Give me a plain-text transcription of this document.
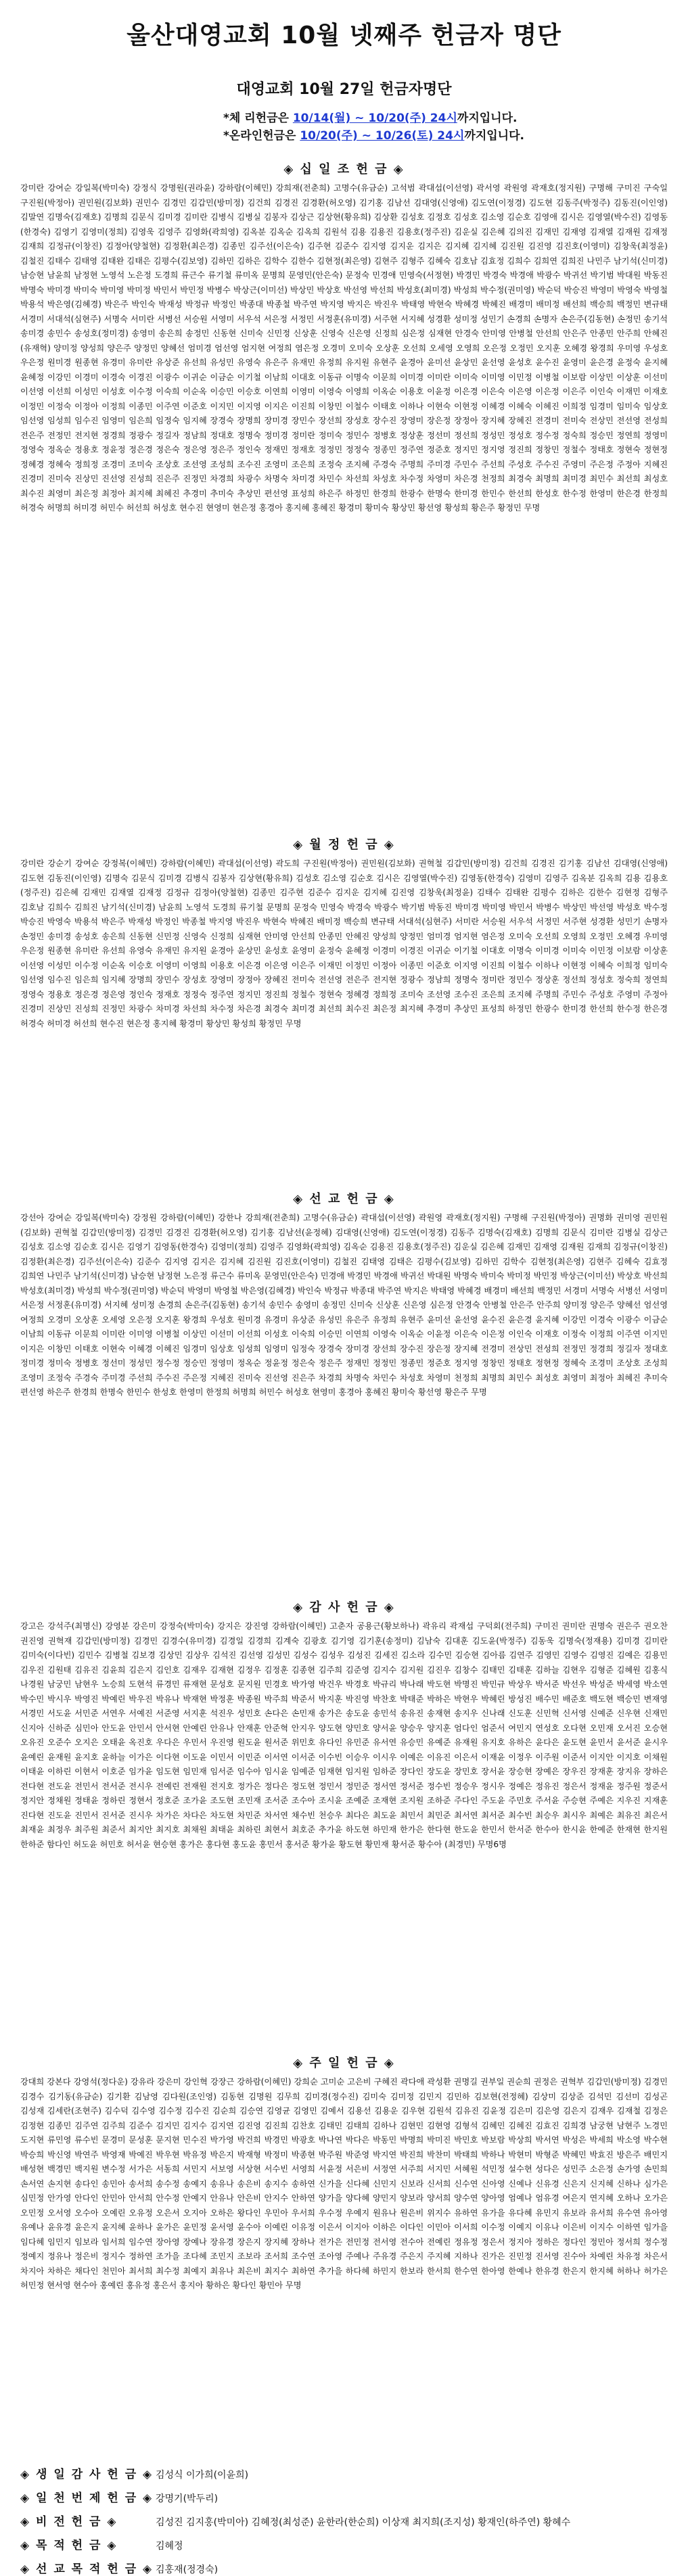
울산대영교회 10월 넷째주 헌금자 명단
대영교회 10월 27일 헌금자명단
*체 리헌금은 10/14(월) ~ 10/20(주) 24시까지입니다.
*온라인헌금은 10/20(주) ~ 10/26(토) 24시까지입니다.
◈ 십 일 조 헌 금 ◈
강미란 강여순 강일복(박미숙) 강정식 강명원(권라윤) 강하람(이혜민) 강희재(전춘희) 고명수(유금순) 고석범 곽대섭(이선영) 곽서영 곽원영 곽재호(정지원) 구명해 구미진 구숙일 구진원(박정아) 권민원(김보화) 권민수 김경민 김갑민(방미정) 김건희 김경진 김경환(허오영) 김기홍 김남선 김대영(신영애) 김도연(이정경) 김도현 김동주(박정주) 김동진(이인영) 김말연 김명숙(김재호) 김명희 김문식 김미경 김미란 김병식 김병실 김봉자 김상근 김상현(황유희) 김상환 김성호 김정호 김성호 김소영 김순호 김영애 김시은 김영열(박수진) 김영동(한경숙) 김영기 김영미(정희) 김영욱 김영주 김영화(곽희영) 김옥분 김옥순 김옥희 김원석 김용 김용진 김용호(정주진) 김운실 김은혜 김의진 김재민 김재영 김재열 김재원 김재정 김재희 김정규(이창진) 김정아(양철현) 김정환(최은경) 김종민 김주선(이은숙) 김주현 김준수 김지영 김지운 김지은 김지혜 김지혜 김진원 김진영 김진호(이영미) 김창욱(최정윤) 김철진 김태수 김태영 김태완 김태은 김평수(김보영) 김하민 김하은 김학수 김한수 김현정(최은영) 김현주 김형주 김혜숙 김호남 김효정 김희수 김희연 김희진 나민주 남기석(신미경) 남승현 남윤희 남정현 노영석 노은정 도경희 류근수 류기철 류미옥 문명희 문영민(안은숙) 문정숙 민경애 민영숙(서정현) 박경민 박경숙 박경애 박광수 박귀선 박기범 박대원 박동진 박명숙 박미경 박미숙 박미영 박미정 박민서 박민정 박병수 박상근(이미선) 박상민 박상호 박선영 박선희 박성호(최미경) 박성희 박수정(권미영) 박순덕 박승진 박영미 박영숙 박영철 박용석 박은영(김혜경) 박은주 박인숙 박재성 박정규 박정인 박종대 박종철 박주연 박지영 박지은 박진우 박태영 박현숙 박혜경 박혜진 배경미 배미정 배선희 백승희 백정민 변규태 서경미 서대석(심현주) 서명숙 서미란 서병선 서승원 서영미 서우석 서은정 서정민 서정훈(유미경) 서주현 서지혜 성경환 성미정 성민기 손경희 손명자 손은주(김동현) 손정민 송기석 송미경 송민수 송성호(정미경) 송영미 송은희 송정민 신동현 신미숙 신민정 신상훈 신영숙 신은영 신정희 심은정 심재현 안경숙 안미영 안병철 안선희 안은주 안종민 안주희 안혜진(유재혁) 양미정 양성희 양은주 양정민 양혜선 엄미경 엄선영 엄지현 여정희 염은정 오경미 오미숙 오상훈 오선희 오세영 오영희 오은정 오정민 오지훈 오혜경 왕경희 우미영 우성호 우은정 원미경 원종현 유경미 유미란 유상준 유선희 유성민 유영숙 유은주 유재민 유정희 유지원 유현주 윤경아 윤미선 윤상민 윤선영 윤성호 윤수진 윤영미 윤은경 윤정숙 윤지혜 윤혜정 이강민 이경미 이경숙 이경진 이광수 이귀순 이금순 이기철 이남희 이대호 이동규 이명숙 이문희 이미경 이미란 이미숙 이미영 이민정 이병철 이보람 이상민 이상훈 이선미 이선영 이선희 이성민 이성호 이수정 이숙희 이순옥 이승민 이승호 이연희 이영미 이영숙 이영희 이옥순 이용호 이윤정 이은경 이은숙 이은영 이은정 이은주 이인숙 이재민 이재호 이정민 이정숙 이정아 이정희 이종민 이주연 이준호 이지민 이지영 이지은 이진희 이창민 이철수 이태호 이하나 이현숙 이현정 이혜경 이혜숙 이혜진 이희정 임경미 임미숙 임상호 임선영 임성희 임수진 임영미 임은희 임정숙 임지혜 장경숙 장명희 장미경 장민수 장선희 장성호 장수진 장영미 장은정 장정아 장지혜 장혜진 전경미 전미숙 전상민 전선영 전성희 전은주 전정민 전지현 정경희 정광수 정길자 정남희 정대호 정명숙 정미경 정미란 정미숙 정민수 정병호 정상훈 정선미 정선희 정성민 정성호 정수정 정숙희 정승민 정연희 정영미 정영숙 정옥순 정용호 정윤정 정은경 정은숙 정은영 정은주 정인숙 정재민 정재호 정정민 정정숙 정종민 정주연 정준호 정지민 정지영 정진희 정창민 정철수 정태호 정현숙 정현정 정혜경 정혜숙 정희정 조경미 조미숙 조상호 조선영 조성희 조수진 조영미 조은희 조정숙 조지혜 주경숙 주명희 주미경 주민수 주선희 주성호 주수진 주영미 주은정 주정아 지혜진 진경미 진미숙 진상민 진선영 진성희 진은주 진정민 차경희 차광수 차명숙 차미경 차민수 차선희 차성호 차수정 차영미 차은경 천정희 최경숙 최명희 최미경 최민수 최선희 최성호 최수진 최영미 최은정 최정아 최지혜 최혜진 추경미 추미숙 추상민 편선영 표성희 하은주 하정민 한경희 한광수 한명숙 한미경 한민수 한선희 한성호 한수정 한영미 한은경 한정희 허경숙 허명희 허미경 허민수 허선희 허성호 현수진 현영미 현은정 홍경아 홍지혜 홍혜진 황경미 황미숙 황상민 황선영 황성희 황은주 황정민 무명
◈ 월 정 헌 금 ◈
강미란 강순기 강여순 강정복(이혜민) 강하람(이혜민) 곽대섭(이선영) 곽도희 구진원(박정아) 권민원(김보화) 권혁철 김갑민(방미정) 김건희 김경진 김기홍 김남선 김대영(신영애) 김도현 김동진(이인영) 김명숙 김문식 김미경 김병식 김봉자 김상현(황유희) 김성호 김소영 김순호 김시은 김영열(박수진) 김영동(한경숙) 김영미 김영주 김옥분 김옥희 김용 김용호(정주진) 김은혜 김재민 김재열 김재정 김정규 김정아(양철현) 김종민 김주현 김준수 김지운 김지혜 김진영 김창욱(최정윤) 김태수 김태완 김평수 김하은 김한수 김현정 김형주 김호남 김희수 김희진 남기석(신미경) 남윤희 노영석 도경희 류기철 문명희 문정숙 민영숙 박경숙 박광수 박기범 박동진 박미경 박미영 박민서 박병수 박상민 박선영 박성호 박수정 박승진 박영숙 박용석 박은주 박재성 박정인 박종철 박지영 박진우 박현숙 박혜진 배미정 백승희 변규태 서대석(심현주) 서미란 서승원 서우석 서정민 서주현 성경환 성민기 손명자 손정민 송미경 송성호 송은희 신동현 신민정 신영숙 신정희 심재현 안미영 안선희 안종민 안혜진 양성희 양정민 엄미경 엄지현 염은정 오미숙 오선희 오영희 오정민 오혜경 우미영 우은정 원종현 유미란 유선희 유영숙 유재민 유지원 윤경아 윤상민 윤성호 윤영미 윤정숙 윤혜정 이경미 이경진 이귀순 이기철 이대호 이명숙 이미경 이미숙 이민정 이보람 이상훈 이선영 이성민 이수정 이순옥 이승호 이영미 이영희 이용호 이은경 이은영 이은주 이재민 이정민 이정아 이종민 이준호 이지영 이진희 이철수 이하나 이현정 이혜숙 이희정 임미숙 임선영 임수진 임은희 임지혜 장명희 장민수 장성호 장영미 장정아 장혜진 전미숙 전선영 전은주 전지현 정광수 정남희 정명숙 정미란 정민수 정상훈 정선희 정성호 정숙희 정연희 정영숙 정용호 정은경 정은영 정인숙 정재호 정정숙 정주연 정지민 정진희 정철수 정현숙 정혜경 정희정 조미숙 조선영 조수진 조은희 조지혜 주명희 주민수 주성호 주영미 주정아 진경미 진상민 진성희 진정민 차광수 차미경 차선희 차수정 차은경 최경숙 최미경 최선희 최수진 최은정 최지혜 추경미 추상민 표성희 하정민 한광수 한미경 한선희 한수정 한은경 허경숙 허미경 허선희 현수진 현은정 홍지혜 황경미 황상민 황성희 황정민 무명
◈ 선 교 헌 금 ◈
강선아 강여순 강일복(박미숙) 강정원 강하람(이혜민) 강한나 강희재(전춘희) 고명수(유금순) 곽대섭(이선영) 곽원영 곽재호(정지원) 구명해 구진원(박정아) 권명화 권미영 권민원(김보화) 권혁철 김갑민(방미정) 김경민 김경진 김경환(허오영) 김기홍 김남선(윤정혜) 김대영(신영애) 김도연(이정경) 김동주 김명숙(김재호) 김명희 김문식 김미란 김병실 김상근 김성호 김소영 김순호 김시은 김영기 김영동(한경숙) 김영미(정희) 김영주 김영화(곽희영) 김옥순 김용진 김용호(정주진) 김운실 김은혜 김재민 김재영 김재원 김재희 김정규(이창진) 김정환(최은경) 김주선(이은숙) 김준수 김지영 김지은 김지혜 김진원 김진호(이영미) 김철진 김태영 김태은 김평수(김보영) 김하민 김학수 김현정(최은영) 김현주 김혜숙 김효정 김희연 나민주 남기석(신미경) 남승현 남정현 노은정 류근수 류미옥 문영민(안은숙) 민경애 박경민 박경애 박귀선 박대원 박명숙 박미숙 박미정 박민정 박상근(이미선) 박상호 박선희 박성호(최미경) 박성희 박수정(권미영) 박순덕 박영미 박영철 박은영(김혜경) 박인숙 박정규 박종대 박주연 박지은 박태영 박혜경 배경미 배선희 백정민 서경미 서명숙 서병선 서영미 서은정 서정훈(유미경) 서지혜 성미정 손경희 손은주(김동현) 송기석 송민수 송영미 송정민 신미숙 신상훈 신은영 심은정 안경숙 안병철 안은주 안주희 양미정 양은주 양혜선 엄선영 여정희 오경미 오상훈 오세영 오은정 오지훈 왕경희 우성호 원미경 유경미 유상준 유성민 유은주 유정희 유현주 윤미선 윤선영 윤수진 윤은경 윤지혜 이강민 이경숙 이광수 이금순 이남희 이동규 이문희 이미란 이미영 이병철 이상민 이선미 이선희 이성호 이숙희 이승민 이연희 이영숙 이옥순 이윤정 이은숙 이은정 이인숙 이재호 이정숙 이정희 이주연 이지민 이지은 이창민 이태호 이현숙 이혜경 이혜진 임경미 임상호 임성희 임영미 임정숙 장경숙 장미경 장선희 장수진 장은정 장지혜 전경미 전상민 전성희 전정민 정경희 정길자 정대호 정미경 정미숙 정병호 정선미 정성민 정수정 정승민 정영미 정옥순 정윤정 정은숙 정은주 정재민 정정민 정종민 정준호 정지영 정창민 정태호 정현정 정혜숙 조경미 조상호 조성희 조영미 조정숙 주경숙 주미경 주선희 주수진 주은정 지혜진 진미숙 진선영 진은주 차경희 차명숙 차민수 차성호 차영미 천정희 최명희 최민수 최성호 최영미 최정아 최혜진 추미숙 편선영 하은주 한경희 한명숙 한민수 한성호 한영미 한정희 허명희 허민수 허성호 현영미 홍경아 홍혜진 황미숙 황선영 황은주 무명
◈ 감 사 헌 금 ◈
강고은 강석주(최명신) 강영분 강은미 강정숙(박미숙) 강지은 강진영 강하람(이혜민) 고춘자 공용근(황보하나) 곽유리 곽재섭 구덕회(전주희) 구미진 권미란 권명숙 권은주 권오찬 권진영 권혁재 김갑민(방미정) 김경민 김경수(유미경) 김경일 김경희 김계숙 김광호 김기영 김기훈(송정미) 김남숙 김대훈 김도윤(박정주) 김동욱 김명숙(정재용) 김미경 김미란 김미숙(이다빈) 김민수 김병철 김보경 김상민 김상우 김석진 김선영 김성민 김성수 김성우 김성진 김세진 김소라 김수민 김승현 김아름 김연주 김영민 김영수 김영진 김예은 김용민 김우진 김원태 김유진 김윤희 김은지 김인호 김재우 김재현 김정우 김정훈 김종현 김주희 김준영 김지수 김지원 김진우 김창수 김태민 김태훈 김하늘 김현우 김형준 김혜원 김홍식 나경원 남궁민 남현우 노승희 도현석 류경민 류재현 문성호 문지원 민경호 박가영 박건우 박경호 박규리 박나래 박도현 박명진 박민규 박상우 박서준 박선우 박성준 박세영 박소연 박수민 박시우 박영진 박예린 박우진 박유나 박재현 박정훈 박종원 박주희 박준서 박지훈 박진영 박찬호 박태준 박하은 박현우 박혜린 방성진 배수민 배준호 백도현 백승민 변재영 서경민 서도윤 서민준 서연우 서예진 서준영 서지훈 석진우 성민호 손다은 손민재 송가은 송도윤 송민석 송유진 송재현 송지우 신나래 신도훈 신민혁 신서영 신예준 신우현 신재민 신지아 신하준 심민아 안도윤 안민서 안서현 안예린 안유나 안재훈 안준혁 안지우 양도현 양민호 양서윤 양승우 양지훈 엄다인 엄준서 여민지 연성호 오다현 오민재 오서진 오승현 오유진 오준수 오지은 오태윤 옥진호 우다은 우민서 우진영 원도윤 원서준 위민호 유다인 유민준 유서연 유승민 유예준 유재원 유지호 유하은 윤다은 윤도현 윤민서 윤서준 윤시우 윤예린 윤재원 윤지호 윤하늘 이가은 이다현 이도윤 이민서 이민준 이서연 이서준 이수빈 이승우 이시우 이예은 이유진 이은서 이재윤 이정우 이주원 이준서 이지안 이지호 이채원 이태윤 이하린 이현서 이호준 임가윤 임도현 임민재 임서준 임수아 임시윤 임예준 임재현 임지원 임하준 장다인 장도윤 장민호 장서윤 장승현 장예은 장우진 장재훈 장지유 장하은 전다현 전도윤 전민서 전서준 전시우 전예린 전재원 전지호 정가은 정다은 정도현 정민서 정민준 정서연 정서준 정수빈 정승우 정시우 정예은 정유진 정은서 정재윤 정주원 정준서 정지안 정채원 정태윤 정하린 정현서 정호준 조가윤 조도현 조민재 조서준 조수아 조시윤 조예준 조재현 조지원 조하준 주다인 주도윤 주민호 주서윤 주승현 주예은 지우진 지재훈 진다현 진도윤 진민서 진서준 진시우 차가은 차다은 차도현 차민준 차서연 채수빈 천승우 최다은 최도윤 최민서 최민준 최서연 최서준 최수빈 최승우 최시우 최예은 최유진 최은서 최재윤 최정우 최주원 최준서 최지안 최지호 최채원 최태윤 최하린 최현서 최호준 추가윤 하도현 하민재 한가은 한다현 한도윤 한민서 한서준 한수아 한시윤 한예준 한재현 한지원 한하준 함다인 허도윤 허민호 허서윤 현승현 홍가은 홍다현 홍도윤 홍민서 홍서준 황가윤 황도현 황민재 황서준 황수아 (최경민) 무명6명
◈ 주 일 헌 금 ◈
강대희 강본다 강영석(정다운) 강유라 강은미 강인혁 강장근 강하람(이혜민) 강희순 고미순 고은비 구혜진 곽다애 곽성환 권명길 권부일 권순희 권정은 권혁부 김갑민(방미정) 김경민 김경수 김기동(유금순) 김기환 김남영 김다원(조인영) 김동현 김명원 김무희 김미경(정수진) 김미숙 김미정 김민지 김민하 김보현(전정혜) 김상미 김상준 김석민 김선미 김성곤 김성재 김세란(조현주) 김수덕 김수영 김수정 김수진 김순희 김승연 김영균 김영민 김예서 김용선 김용운 김우현 김원석 김유진 김윤정 김은미 김은영 김은지 김재우 김재철 김정은 김정현 김종민 김주연 김주희 김준수 김지민 김지수 김지연 김진영 김진희 김찬호 김태민 김태희 김하나 김현민 김현영 김형석 김혜민 김혜진 김효진 김희경 남궁현 남현주 노경민 도지현 류민영 류수빈 문경미 문성훈 문지현 민수진 박가영 박건희 박경민 박광호 박나연 박다은 박동민 박명희 박미진 박민호 박보람 박상희 박서연 박성은 박세희 박소영 박수현 박승희 박신영 박연주 박영재 박예진 박우현 박유정 박은지 박재형 박정미 박종현 박주원 박준영 박지연 박진희 박찬미 박태희 박하나 박현미 박형준 박혜민 박효진 방은주 배민지 배성현 백경민 백지원 변수정 서가은 서동희 서민지 서보영 서상현 서수빈 서영희 서윤정 서은비 서정연 서주희 서지민 서혜원 석민정 설수현 성다은 성민주 소은정 손가영 손민희 손서연 손지현 송다인 송민아 송서희 송수정 송예지 송유나 송은비 송지수 송하연 신가을 신다혜 신민지 신보라 신서희 신수연 신아영 신예나 신유경 신은지 신지혜 신하나 심가은 심민정 안가영 안다인 안민아 안서희 안수정 안예지 안유나 안은비 안지수 안하연 양가을 양다혜 양민지 양보라 양서희 양수연 양아영 엄예나 엄유경 여은지 연지혜 오하나 오가은 오민정 오서영 오수아 오예린 오유정 오은서 오지아 오하은 왕다인 우민아 우서희 우수정 우예지 원유나 원은비 위지수 유하연 유가을 유다혜 유민지 유보라 유서희 유수연 유아영 유예나 윤유경 윤은지 윤지혜 윤하나 윤가은 윤민정 윤서영 윤수아 이예린 이유정 이은서 이지아 이하은 이다인 이민아 이서희 이수정 이예지 이유나 이은비 이지수 이하연 임가을 임다혜 임민지 임보라 임서희 임수연 장아영 장예나 장유경 장은지 장지혜 장하나 전가은 전민정 전서영 전수아 전예린 정유정 정은서 정지아 정하은 정다인 정민아 정서희 정수정 정예지 정유나 정은비 정지수 정하연 조가을 조다혜 조민지 조보라 조서희 조수연 조아영 주예나 주유경 주은지 주지혜 지하나 진가은 진민정 진서영 진수아 차예린 차유정 차은서 차지아 차하은 채다인 천민아 최서희 최수정 최예지 최유나 최은비 최지수 최하연 추가을 하다혜 하민지 한보라 한서희 한수연 한아영 한예나 한유경 한은지 한지혜 허하나 허가은 허민정 현서영 현수아 홍예린 홍유정 홍은서 홍지아 황하은 황다인 황민아 무명
◈ 생 일 감 사 헌 금 ◈ 김성식 이가희(이윤희)
◈ 일 천 번 제 헌 금 ◈ 강명기(박두리)
◈ 비 전 헌 금 ◈	김성진 김지홍(박미아) 김혜정(최성준) 윤한라(한순희) 이상재 최지희(조지성) 황재인(하주연) 황혜수
◈ 목 적 헌 금 ◈	김혜정
◈ 선 교 목 적 헌 금 ◈ 김홍재(정경숙)
